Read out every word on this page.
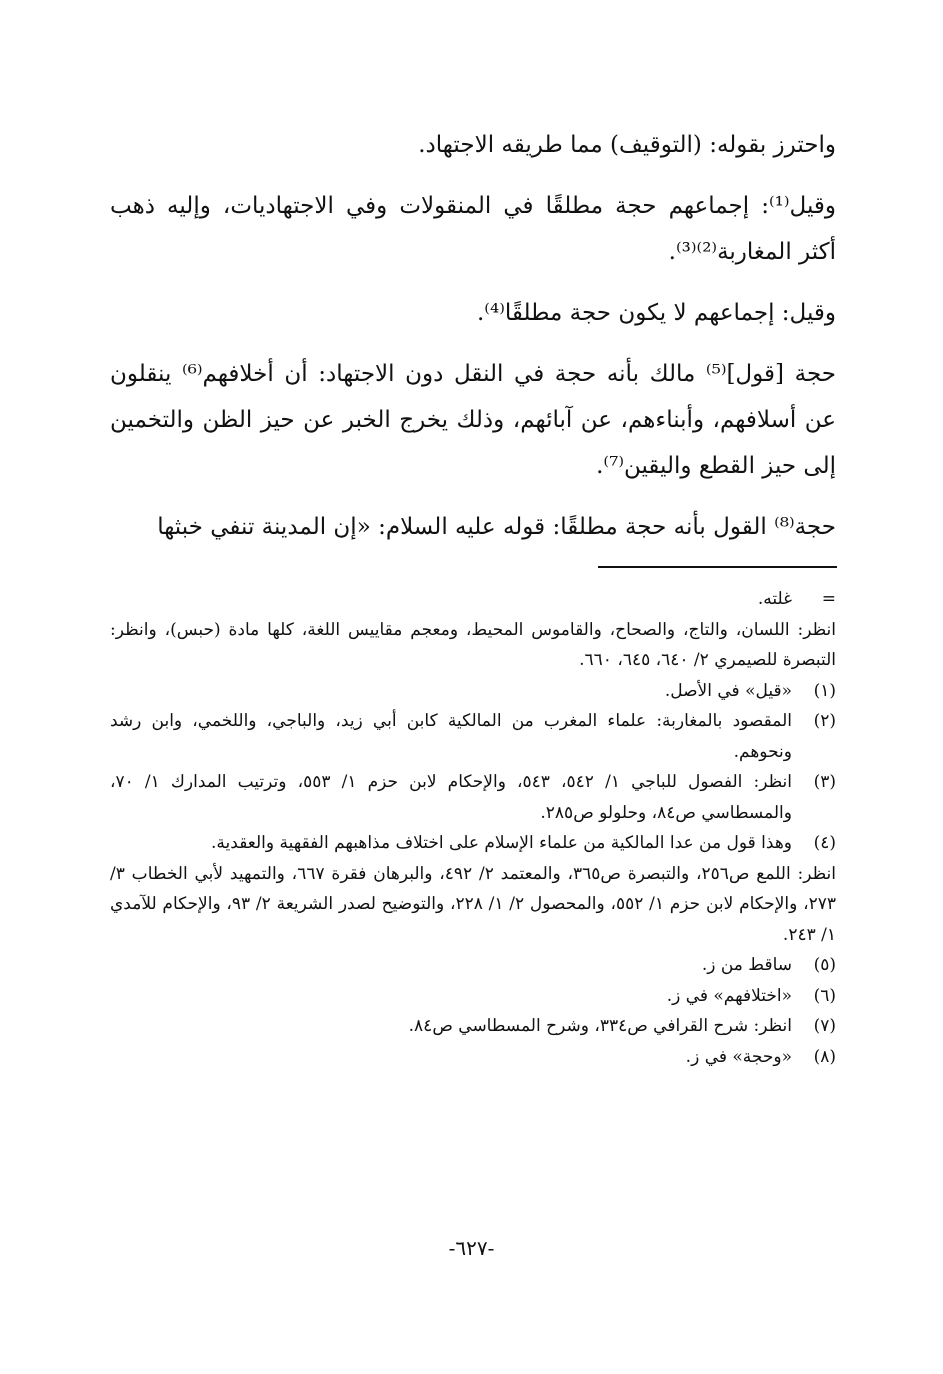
واحترز بقوله: (التوقيف) مما طريقه الاجتهاد.

وقيل⁽¹⁾: إجماعهم حجة مطلقًا في المنقولات وفي الاجتهاديات، وإليه ذهب أكثر المغاربة⁽²⁾⁽³⁾.

وقيل: إجماعهم لا يكون حجة مطلقًا⁽⁴⁾.

حجة [قول]⁽⁵⁾ مالك بأنه حجة في النقل دون الاجتهاد: أن أخلافهم⁽⁶⁾ ينقلون عن أسلافهم، وأبناءهم، عن آبائهم، وذلك يخرج الخبر عن حيز الظن والتخمين إلى حيز القطع واليقين⁽⁷⁾.

حجة⁽⁸⁾ القول بأنه حجة مطلقًا: قوله عليه السلام: «إن المدينة تنفي خبثها

=
غلته.
انظر: اللسان، والتاج، والصحاح، والقاموس المحيط، ومعجم مقاييس اللغة، كلها مادة (حبس)، وانظر: التبصرة للصيمري ٢/ ٦٤٠، ٦٤٥، ٦٦٠.
(١)
«قيل» في الأصل.
(٢)
المقصود بالمغاربة: علماء المغرب من المالكية كابن أبي زيد، والباجي، واللخمي، وابن رشد ونحوهم.
(٣)
انظر: الفصول للباجي ١/ ٥٤٢، ٥٤٣، والإحكام لابن حزم ١/ ٥٥٣، وترتيب المدارك ١/ ٧٠، والمسطاسي ص٨٤، وحلولو ص٢٨٥.
(٤)
وهذا قول من عدا المالكية من علماء الإسلام على اختلاف مذاهبهم الفقهية والعقدية.
انظر: اللمع ص٢٥٦، والتبصرة ص٣٦٥، والمعتمد ٢/ ٤٩٢، والبرهان فقرة ٦٦٧، والتمهيد لأبي الخطاب ٣/ ٢٧٣، والإحكام لابن حزم ١/ ٥٥٢، والمحصول ٢/ ١/ ٢٢٨، والتوضيح لصدر الشريعة ٢/ ٩٣، والإحكام للآمدي ١/ ٢٤٣.
(٥)
ساقط من ز.
(٦)
«اختلافهم» في ز.
(٧)
انظر: شرح القرافي ص٣٣٤، وشرح المسطاسي ص٨٤.
(٨)
«وحجة» في ز.
-٦٢٧-
